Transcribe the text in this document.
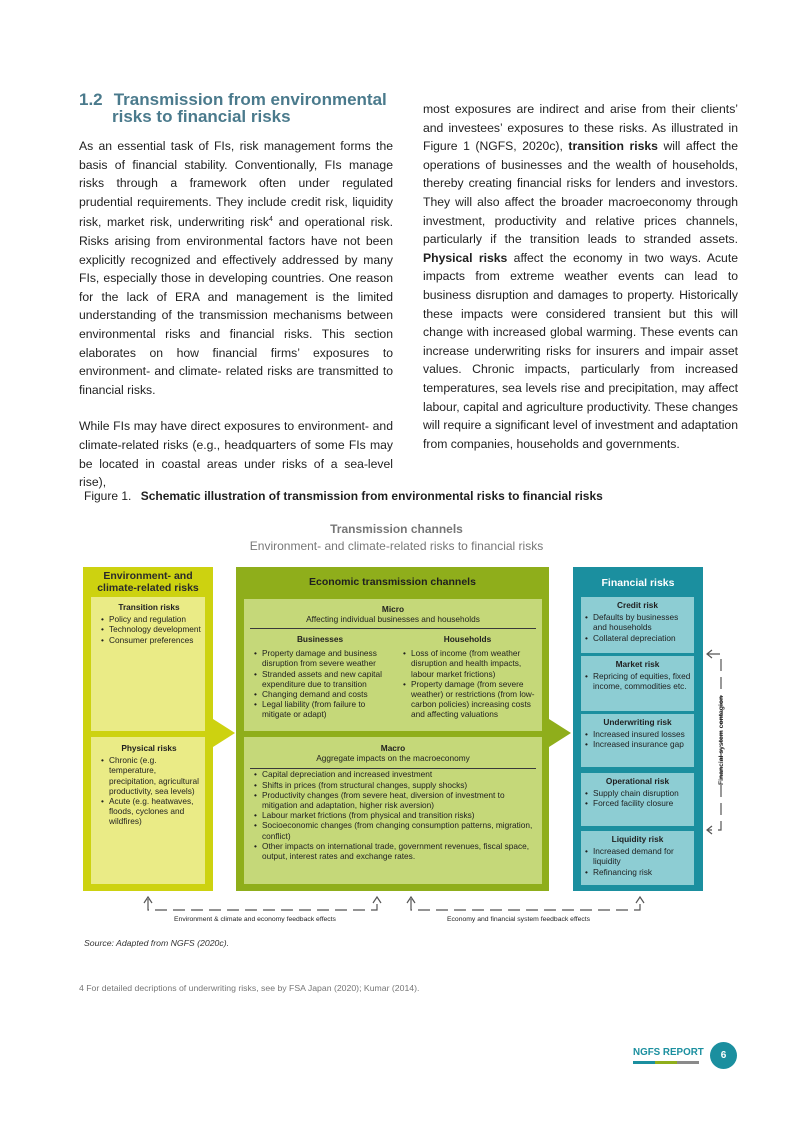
1.2 Transmission from environmental
risks to financial risks

As an essential task of FIs, risk management forms the basis of financial stability. Conventionally, FIs manage risks through a framework often under regulated prudential requirements. They include credit risk, liquidity risk, market risk, underwriting risk$^4$ and operational risk. Risks arising from environmental factors have not been explicitly recognized and effectively addressed by many FIs, especially those in developing countries. One reason for the lack of ERA and management is the limited understanding of the transmission mechanisms between environmental risks and financial risks. This section elaborates on how financial firms’ exposures to environment- and climate- related risks are transmitted to financial risks.

While FIs may have direct exposures to environment- and climate-related risks (e.g., headquarters of some FIs may be located in coastal areas under risks of a sea-level rise),

most exposures are indirect and arise from their clients’ and investees’ exposures to these risks. As illustrated in Figure 1 (NGFS, 2020c), transition risks will affect the operations of businesses and the wealth of households, thereby creating financial risks for lenders and investors. They will also affect the broader macroeconomy through investment, productivity and relative prices channels, particularly if the transition leads to stranded assets. Physical risks affect the economy in two ways. Acute impacts from extreme weather events can lead to business disruption and damages to property. Historically these impacts were considered transient but this will change with increased global warming. These events can increase underwriting risks for insurers and impair asset values. Chronic impacts, particularly from increased temperatures, sea levels rise and precipitation, may affect labour, capital and agriculture productivity. These changes will require a significant level of investment and adaptation from companies, households and governments.

Figure 1. Schematic illustration of transmission from environmental risks to financial risks
Transmission channels
Environment- and climate-related risks to financial risks
Environment- and climate-related risks
Transition risks
• Policy and regulation
• Technology development
• Consumer preferences
Physical risks
• Chronic (e.g. temperature, precipitation, agricultural productivity, sea levels)
• Acute (e.g. heatwaves, floods, cyclones and wildfires)
Economic transmission channels
Micro
Affecting individual businesses and households
Businesses
• Property damage and business disruption from severe weather
• Stranded assets and new capital expenditure due to transition
• Changing demand and costs
• Legal liability (from failure to mitigate or adapt)
Households
• Loss of income (from weather disruption and health impacts, labour market frictions)
• Property damage (from severe weather) or restrictions (from low-carbon policies) increasing costs and affecting valuations
Macro
Aggregate impacts on the macroeconomy
• Capital depreciation and increased investment
• Shifts in prices (from structural changes, supply shocks)
• Productivity changes (from severe heat, diversion of investment to mitigation and adaptation, higher risk aversion)
• Labour market frictions (from physical and transition risks)
• Socioeconomic changes (from changing consumption patterns, migration, conflict)
• Other impacts on international trade, government revenues, fiscal space, output, interest rates and exchange rates.
Financial risks
Credit risk
• Defaults by businesses and households
• Collateral depreciation
Market risk
• Repricing of equities, fixed income, commodities etc.
Underwriting risk
• Increased insured losses
• Increased insurance gap
Operational risk
• Supply chain disruption
• Forced facility closure
Liquidity risk
• Increased demand for liquidity
• Refinancing risk
Financial system contagion
Environment & climate and economy feedback effects	Economy and financial system feedback effects
Source: Adapted from NGFS (2020c).
4 For detailed decriptions of underwriting risks, see by FSA Japan (2020); Kumar (2014).
NGFS REPORT	6
